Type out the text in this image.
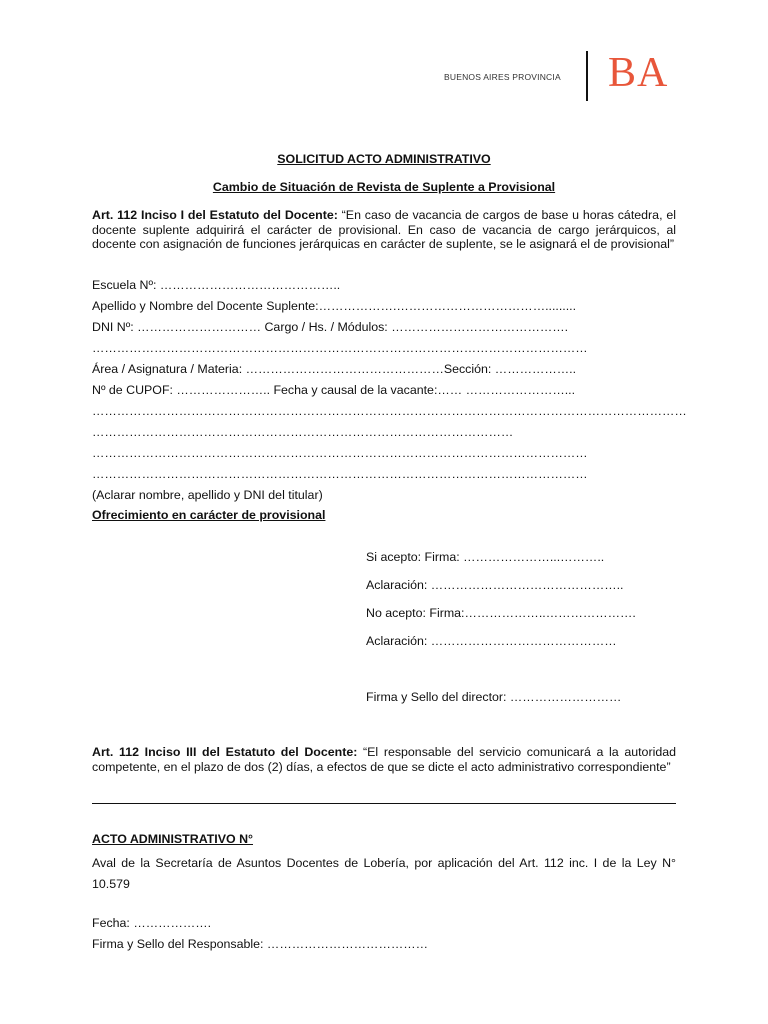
BUENOS AIRES PROVINCIA BA
SOLICITUD ACTO ADMINISTRATIVO
Cambio de Situación de Revista de Suplente a Provisional
Art. 112 Inciso I del Estatuto del Docente: “En caso de vacancia de cargos de base u horas cátedra, el docente suplente adquirirá el carácter de provisional. En caso de vacancia de cargo jerárquicos, al docente con asignación de funciones jerárquicas en carácter de suplente, se le asignará el de provisional”
Escuela Nº: ……………………………………..
Apellido y Nombre del Docente Suplente:……………….……………………………….........
DNI Nº: ………………………… Cargo / Hs. / Módulos: …………………………………….
…………………………………………………………………………………………………………
Área / Asignatura / Materia: …………………………………………Sección: ………………..
Nº de CUPOF: ………………….. Fecha y causal de la vacante:…… ……………………...
………………………………………………………………………………………………………………………………
…………………………………………………………………………………………
…………………………………………………………………………………………………………
…………………………………………………………………………………………………………
(Aclarar nombre, apellido y DNI del titular)
Ofrecimiento en carácter de provisional
Si acepto: Firma: …………………...………..
Aclaración: ………………………………………..
No acepto: Firma:………………..………………….
Aclaración: ………………………………………
Firma y Sello del director: ………………………
Art. 112 Inciso III del Estatuto del Docente: “El responsable del servicio comunicará a la autoridad competente, en el plazo de dos (2) días, a efectos de que se dicte el acto administrativo correspondiente”
ACTO ADMINISTRATIVO N°
Aval de la Secretaría de Asuntos Docentes de Lobería, por aplicación del Art. 112 inc. I de la Ley N° 10.579
Fecha: ……………….
Firma y Sello del Responsable: …………………………………
